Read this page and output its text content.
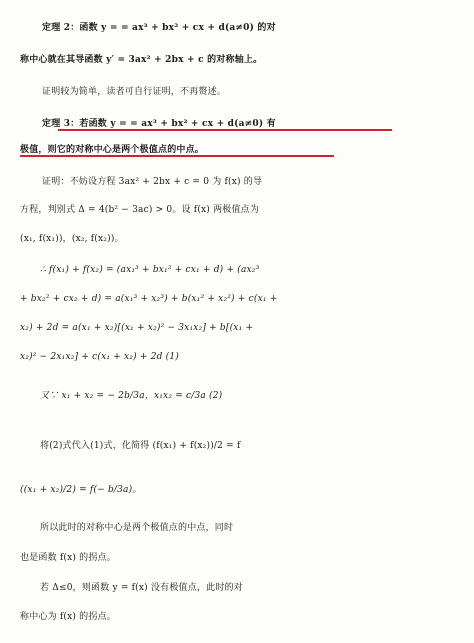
定理 2：函数 y = = ax³ + bx² + cx + d(a≠0) 的对
称中心就在其导函数 y′ = 3ax² + 2bx + c 的对称轴上。
证明较为简单，读者可自行证明，不再赘述。
定理 3：若函数 y = = ax³ + bx² + cx + d(a≠0) 有
极值，则它的对称中心是两个极值点的中点。
证明：不妨设方程 3ax² + 2bx + c = 0 为 f(x) 的导
方程，判别式 Δ = 4(b² − 3ac) > 0。设 f(x) 两极值点为
(x₁, f(x₁))，(x₂, f(x₂))。
∴ f(x₁) + f(x₂) = (ax₁³ + bx₁² + cx₁ + d) + (ax₂³
+ bx₂² + cx₂ + d) = a(x₁³ + x₂³) + b(x₁² + x₂²) + c(x₁ +
x₂) + 2d = a(x₁ + x₂)[(x₁ + x₂)² − 3x₁x₂] + b[(x₁ +
x₂)² − 2x₁x₂] + c(x₁ + x₂) + 2d (1)
又∵ x₁ + x₂ = − 2b/3a，x₁x₂ = c/3a (2)
将(2)式代入(1)式，化简得 (f(x₁) + f(x₂))/2 = f
((x₁ + x₂)/2) = f(− b/3a)。
所以此时的对称中心是两个极值点的中点，同时
也是函数 f(x) 的拐点。
若 Δ≤0，则函数 y = f(x) 没有极值点，此时的对
称中心为 f(x) 的拐点。
